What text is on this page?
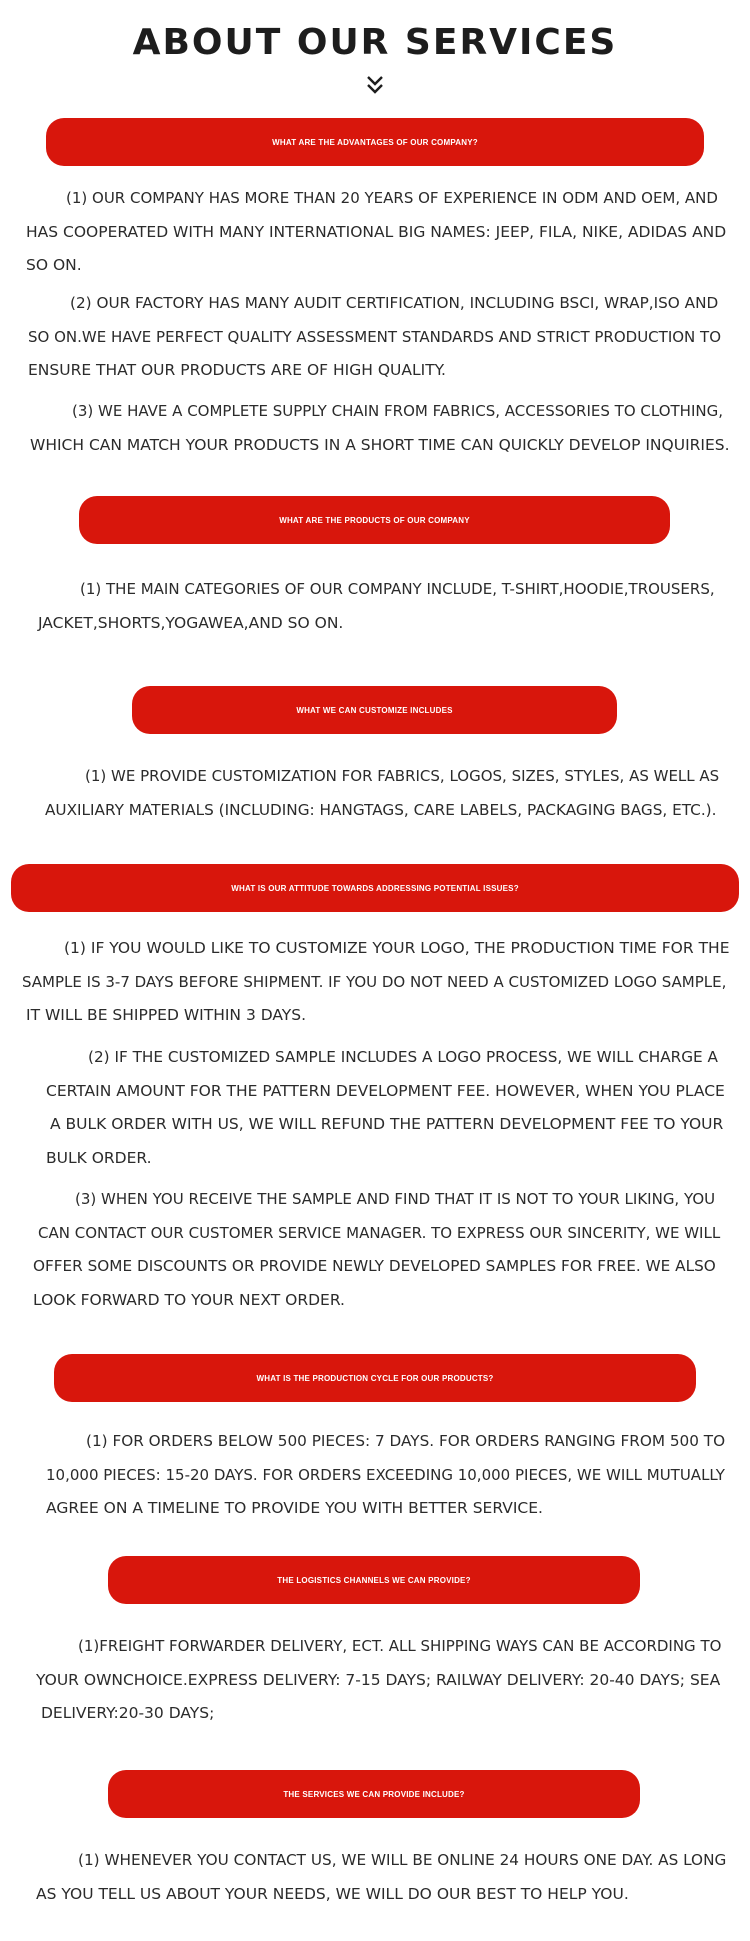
ABOUT OUR SERVICES
WHAT ARE THE ADVANTAGES OF OUR COMPANY?
(1) OUR COMPANY HAS MORE THAN 20 YEARS OF EXPERIENCE IN ODM AND OEM, AND
HAS COOPERATED WITH MANY INTERNATIONAL BIG NAMES: JEEP, FILA, NIKE, ADIDAS AND
SO ON.
(2) OUR FACTORY HAS MANY AUDIT CERTIFICATION, INCLUDING BSCI, WRAP,ISO AND
SO ON.WE HAVE PERFECT QUALITY ASSESSMENT STANDARDS AND STRICT PRODUCTION TO
ENSURE THAT OUR PRODUCTS ARE OF HIGH QUALITY.
(3) WE HAVE A COMPLETE SUPPLY CHAIN FROM FABRICS, ACCESSORIES TO CLOTHING,
WHICH CAN MATCH YOUR PRODUCTS IN A SHORT TIME CAN QUICKLY DEVELOP INQUIRIES.
WHAT ARE THE PRODUCTS OF OUR COMPANY
(1) THE MAIN CATEGORIES OF OUR COMPANY INCLUDE, T-SHIRT,HOODIE,TROUSERS,
JACKET,SHORTS,YOGAWEA,AND SO ON.
WHAT WE CAN CUSTOMIZE INCLUDES
(1) WE PROVIDE CUSTOMIZATION FOR FABRICS, LOGOS, SIZES, STYLES, AS WELL AS
AUXILIARY MATERIALS (INCLUDING: HANGTAGS, CARE LABELS, PACKAGING BAGS, ETC.).
WHAT IS OUR ATTITUDE TOWARDS ADDRESSING POTENTIAL ISSUES?
(1) IF YOU WOULD LIKE TO CUSTOMIZE YOUR LOGO, THE PRODUCTION TIME FOR THE
SAMPLE IS 3-7 DAYS BEFORE SHIPMENT. IF YOU DO NOT NEED A CUSTOMIZED LOGO SAMPLE,
IT WILL BE SHIPPED WITHIN 3 DAYS.
(2) IF THE CUSTOMIZED SAMPLE INCLUDES A LOGO PROCESS, WE WILL CHARGE A
CERTAIN AMOUNT FOR THE PATTERN DEVELOPMENT FEE. HOWEVER, WHEN YOU PLACE
A BULK ORDER WITH US, WE WILL REFUND THE PATTERN DEVELOPMENT FEE TO YOUR
BULK ORDER.
(3) WHEN YOU RECEIVE THE SAMPLE AND FIND THAT IT IS NOT TO YOUR LIKING, YOU
CAN CONTACT OUR CUSTOMER SERVICE MANAGER. TO EXPRESS OUR SINCERITY, WE WILL
OFFER SOME DISCOUNTS OR PROVIDE NEWLY DEVELOPED SAMPLES FOR FREE. WE ALSO
LOOK FORWARD TO YOUR NEXT ORDER.
WHAT IS THE PRODUCTION CYCLE FOR OUR PRODUCTS?
(1) FOR ORDERS BELOW 500 PIECES: 7 DAYS. FOR ORDERS RANGING FROM 500 TO
10,000 PIECES: 15-20 DAYS. FOR ORDERS EXCEEDING 10,000 PIECES, WE WILL MUTUALLY
AGREE ON A TIMELINE TO PROVIDE YOU WITH BETTER SERVICE.
THE LOGISTICS CHANNELS WE CAN PROVIDE?
(1)FREIGHT FORWARDER DELIVERY, ECT. ALL SHIPPING WAYS CAN BE ACCORDING TO
YOUR OWNCHOICE.EXPRESS DELIVERY: 7-15 DAYS; RAILWAY DELIVERY: 20-40 DAYS; SEA
DELIVERY:20-30 DAYS;
THE SERVICES WE CAN PROVIDE INCLUDE?
(1) WHENEVER YOU CONTACT US, WE WILL BE ONLINE 24 HOURS ONE DAY. AS LONG
AS YOU TELL US ABOUT YOUR NEEDS, WE WILL DO OUR BEST TO HELP YOU.
